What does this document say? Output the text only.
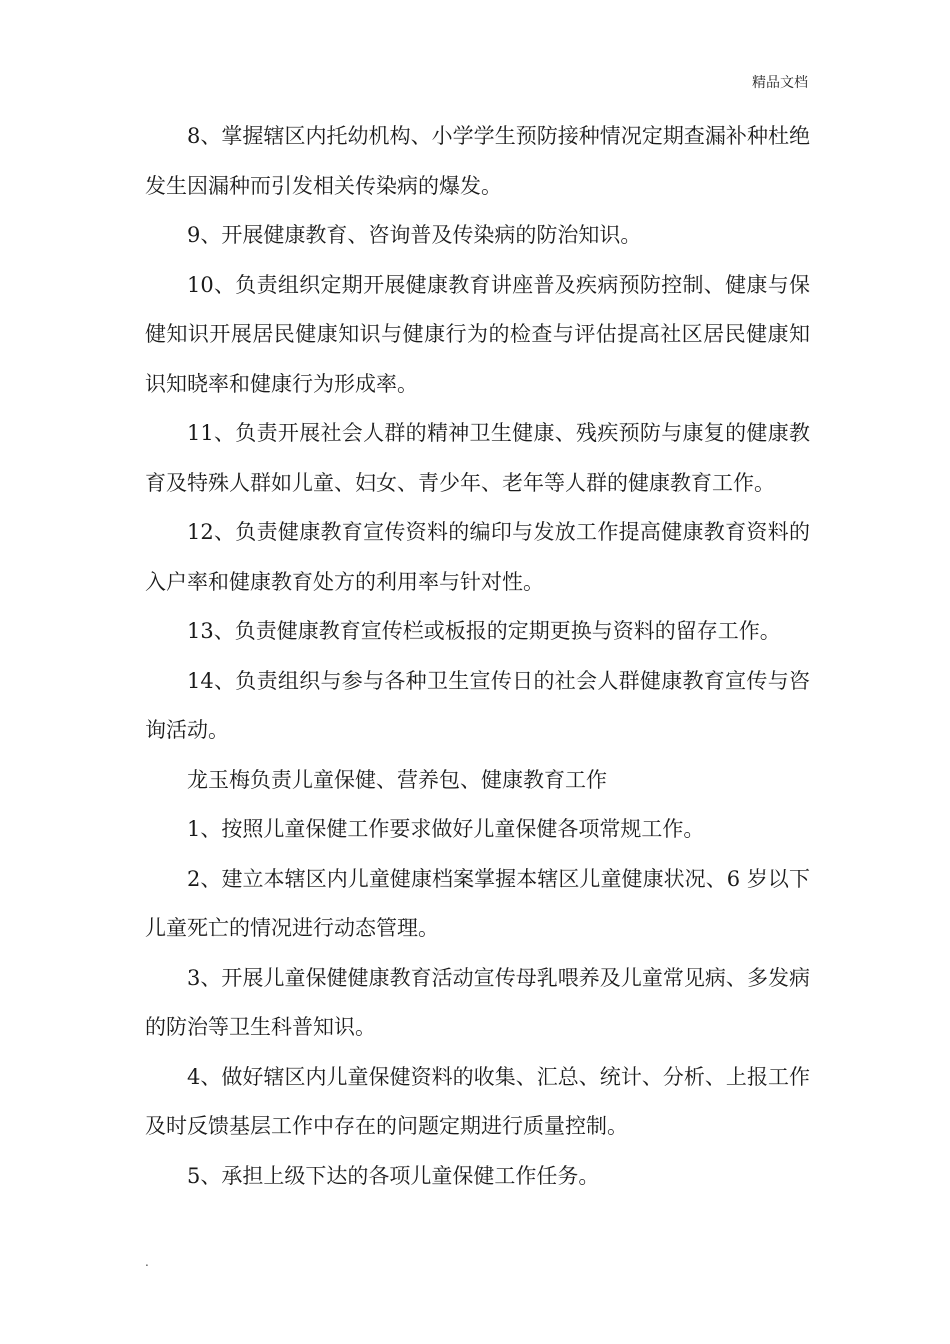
精品文档

8、掌握辖区内托幼机构、小学学生预防接种情况定期查漏补种杜绝发生因漏种而引发相关传染病的爆发。

9、开展健康教育、咨询普及传染病的防治知识。

10、负责组织定期开展健康教育讲座普及疾病预防控制、健康与保健知识开展居民健康知识与健康行为的检查与评估提高社区居民健康知识知晓率和健康行为形成率。

11、负责开展社会人群的精神卫生健康、残疾预防与康复的健康教育及特殊人群如儿童、妇女、青少年、老年等人群的健康教育工作。

12、负责健康教育宣传资料的编印与发放工作提高健康教育资料的入户率和健康教育处方的利用率与针对性。

13、负责健康教育宣传栏或板报的定期更换与资料的留存工作。

14、负责组织与参与各种卫生宣传日的社会人群健康教育宣传与咨询活动。

龙玉梅负责儿童保健、营养包、健康教育工作

1、按照儿童保健工作要求做好儿童保健各项常规工作。

2、建立本辖区内儿童健康档案掌握本辖区儿童健康状况、6 岁以下儿童死亡的情况进行动态管理。

3、开展儿童保健健康教育活动宣传母乳喂养及儿童常见病、多发病的防治等卫生科普知识。

4、做好辖区内儿童保健资料的收集、汇总、统计、分析、上报工作及时反馈基层工作中存在的问题定期进行质量控制。

5、承担上级下达的各项儿童保健工作任务。

.
